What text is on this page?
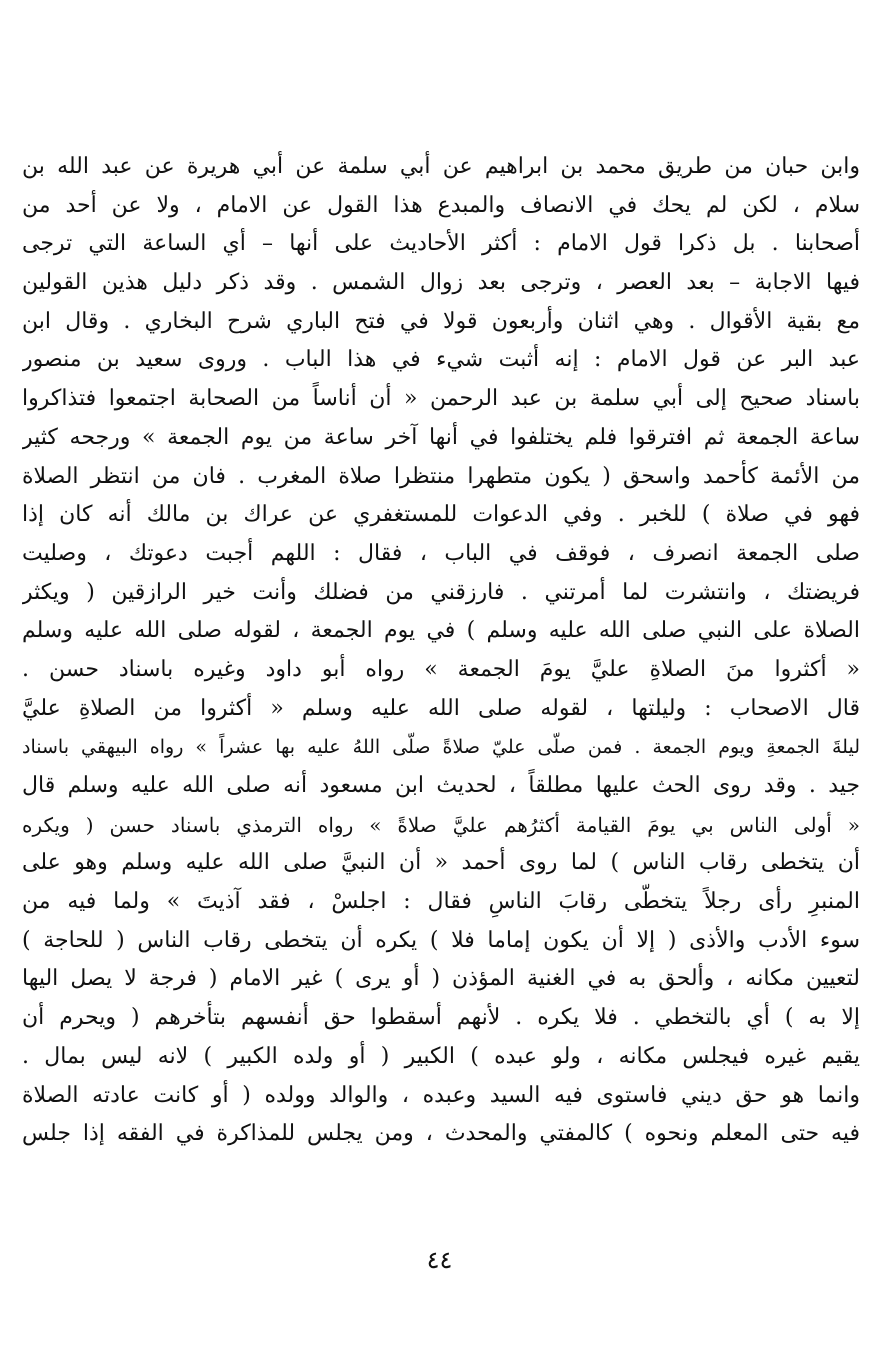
وابن حبان من طريق محمد بن ابراهيم عن أبي سلمة عن أبي هريرة عن عبد الله بن
سلام ، لكن لم يحك في الانصاف والمبدع هذا القول عن الامام ، ولا عن أحد من
أصحابنا . بل ذكرا قول الامام : أكثر الأحاديث على أنها – أي الساعة التي ترجى
فيها الاجابة – بعد العصر ، وترجى بعد زوال الشمس . وقد ذكر دليل هذين القولين
مع بقية الأقوال . وهي اثنان وأربعون قولا في فتح الباري شرح البخاري . وقال ابن
عبد البر عن قول الامام : إنه أثبت شيء في هذا الباب . وروى سعيد بن منصور
باسناد صحيح إلى أبي سلمة بن عبد الرحمن « أن أناساً من الصحابة اجتمعوا فتذاكروا
ساعة الجمعة ثم افترقوا فلم يختلفوا في أنها آخر ساعة من يوم الجمعة » ورجحه كثير
من الأئمة كأحمد واسحق ( يكون متطهرا منتظرا صلاة المغرب . فان من انتظر الصلاة
فهو في صلاة ) للخبر . وفي الدعوات للمستغفري عن عراك بن مالك أنه كان إذا
صلى الجمعة انصرف ، فوقف في الباب ، فقال : اللهم أجبت دعوتك ، وصليت
فريضتك ، وانتشرت لما أمرتني . فارزقني من فضلك وأنت خير الرازقين ( ويكثر
الصلاة على النبي صلى الله عليه وسلم ) في يوم الجمعة ، لقوله صلى الله عليه وسلم
« أكثروا منَ الصلاةِ عليَّ يومَ الجمعة » رواه أبو داود وغيره باسناد حسن .
قال الاصحاب : وليلتها ، لقوله صلى الله عليه وسلم « أكثروا من الصلاةِ عليَّ
ليلةَ الجمعةِ ويوم الجمعة . فمن صلّى عليّ صلاةً صلّى اللهُ عليه بها عشراً » رواه البيهقي باسناد
جيد . وقد روى الحث عليها مطلقاً ، لحديث ابن مسعود أنه صلى الله عليه وسلم قال
« أولى الناس بي يومَ القيامة أكثرُهم عليَّ صلاةً » رواه الترمذي باسناد حسن ( ويكره
أن يتخطى رقاب الناس ) لما روى أحمد « أن النبيَّ صلى الله عليه وسلم وهو على
المنبرِ رأى رجلاً يتخطّى رقابَ الناسِ فقال : اجلسْ ، فقد آذيتَ » ولما فيه من
سوء الأدب والأذى ( إلا أن يكون إماما فلا ) يكره أن يتخطى رقاب الناس ( للحاجة )
لتعيين مكانه ، وألحق به في الغنية المؤذن ( أو يرى ) غير الامام ( فرجة لا يصل اليها
إلا به ) أي بالتخطي . فلا يكره . لأنهم أسقطوا حق أنفسهم بتأخرهم ( ويحرم أن
يقيم غيره فيجلس مكانه ، ولو عبده ) الكبير ( أو ولده الكبير ) لانه ليس بمال .
وانما هو حق ديني فاستوى فيه السيد وعبده ، والوالد وولده ( أو كانت عادته الصلاة
فيه حتى المعلم ونحوه ) كالمفتي والمحدث ، ومن يجلس للمذاكرة في الفقه إذا جلس
٤٤
